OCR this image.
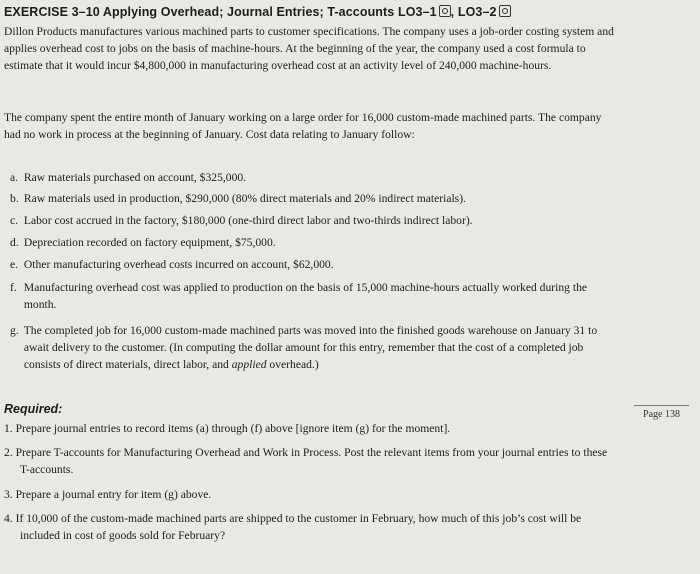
EXERCISE 3–10 Applying Overhead; Journal Entries; T-accounts LO3–1 , LO3–2
Dillon Products manufactures various machined parts to customer specifications. The company uses a job-order costing system and
applies overhead cost to jobs on the basis of machine-hours. At the beginning of the year, the company used a cost formula to
estimate that it would incur $4,800,000 in manufacturing overhead cost at an activity level of 240,000 machine-hours.
The company spent the entire month of January working on a large order for 16,000 custom-made machined parts. The company
had no work in process at the beginning of January. Cost data relating to January follow:
a. Raw materials purchased on account, $325,000.
b. Raw materials used in production, $290,000 (80% direct materials and 20% indirect materials).
c. Labor cost accrued in the factory, $180,000 (one-third direct labor and two-thirds indirect labor).
d. Depreciation recorded on factory equipment, $75,000.
e. Other manufacturing overhead costs incurred on account, $62,000.
f. Manufacturing overhead cost was applied to production on the basis of 15,000 machine-hours actually worked during the
month.
g. The completed job for 16,000 custom-made machined parts was moved into the finished goods warehouse on January 31 to
await delivery to the customer. (In computing the dollar amount for this entry, remember that the cost of a completed job
consists of direct materials, direct labor, and applied overhead.)
Required:	Page 138
1. Prepare journal entries to record items (a) through (f) above [ignore item (g) for the moment].
2. Prepare T-accounts for Manufacturing Overhead and Work in Process. Post the relevant items from your journal entries to these
T-accounts.
3. Prepare a journal entry for item (g) above.
4. If 10,000 of the custom-made machined parts are shipped to the customer in February, how much of this job’s cost will be
included in cost of goods sold for February?
